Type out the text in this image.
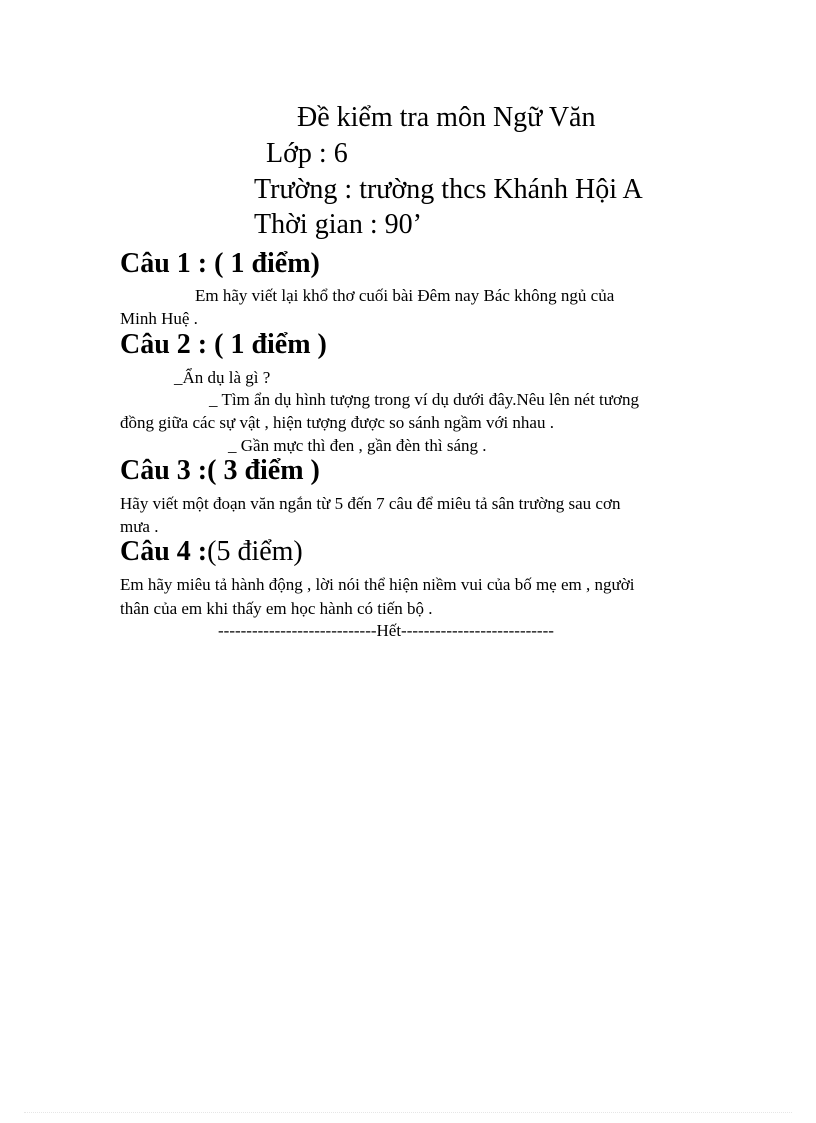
Đề kiểm tra môn Ngữ Văn
Lớp : 6
Trường : trường thcs Khánh Hội A
Thời gian : 90’
Câu 1 : ( 1 điểm)
Em hãy viết lại khổ thơ cuối bài Đêm nay Bác không ngủ của
Minh Huệ .
Câu 2 : ( 1 điểm )
_Ẩn dụ là gì ?
_ Tìm ẩn dụ hình tượng trong ví dụ dưới đây.Nêu lên nét tương
đồng giữa các sự vật , hiện tượng được so sánh ngầm với nhau .
_ Gần mực thì đen , gần đèn thì sáng .
Câu 3 :( 3 điểm )
Hãy viết một đoạn văn ngắn từ 5 đến 7 câu để miêu tả sân trường sau cơn
mưa .
Câu 4 :(5 điểm)
Em hãy miêu tả hành động , lời nói thể hiện niềm vui của bố mẹ em , người
thân của em khi thấy em học hành có tiến bộ .
----------------------------Hết---------------------------
